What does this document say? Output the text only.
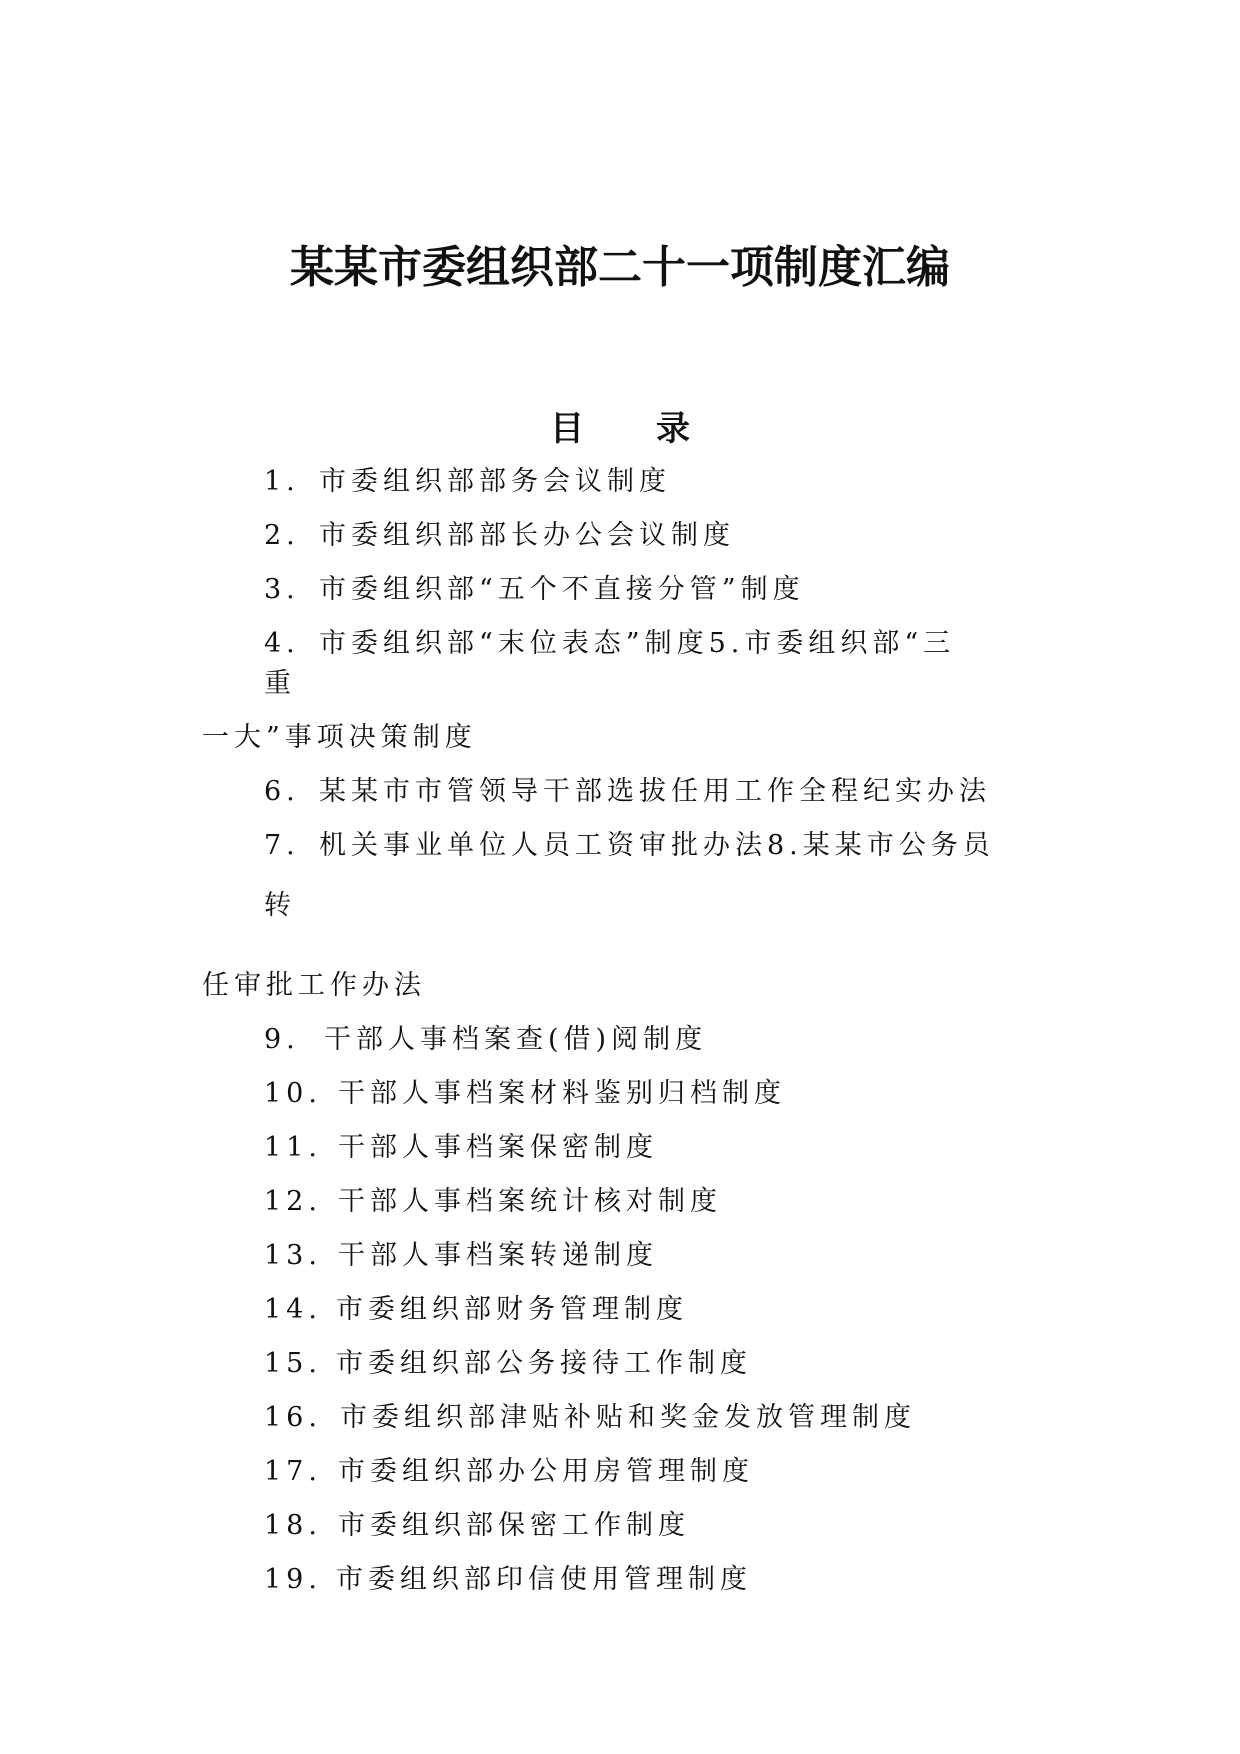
某某市委组织部二十一项制度汇编
目 录
1. 市委组织部部务会议制度
2. 市委组织部部长办公会议制度
3. 市委组织部“五个不直接分管”制度
4. 市委组织部“末位表态”制度5.市委组织部“三
重
一大”事项决策制度
6. 某某市市管领导干部选拔任用工作全程纪实办法
7. 机关事业单位人员工资审批办法8.某某市公务员
转
任审批工作办法
9. 干部人事档案查(借)阅制度
10. 干部人事档案材料鉴别归档制度
11. 干部人事档案保密制度
12. 干部人事档案统计核对制度
13. 干部人事档案转递制度
14. 市委组织部财务管理制度
15. 市委组织部公务接待工作制度
16. 市委组织部津贴补贴和奖金发放管理制度
17. 市委组织部办公用房管理制度
18. 市委组织部保密工作制度
19. 市委组织部印信使用管理制度
